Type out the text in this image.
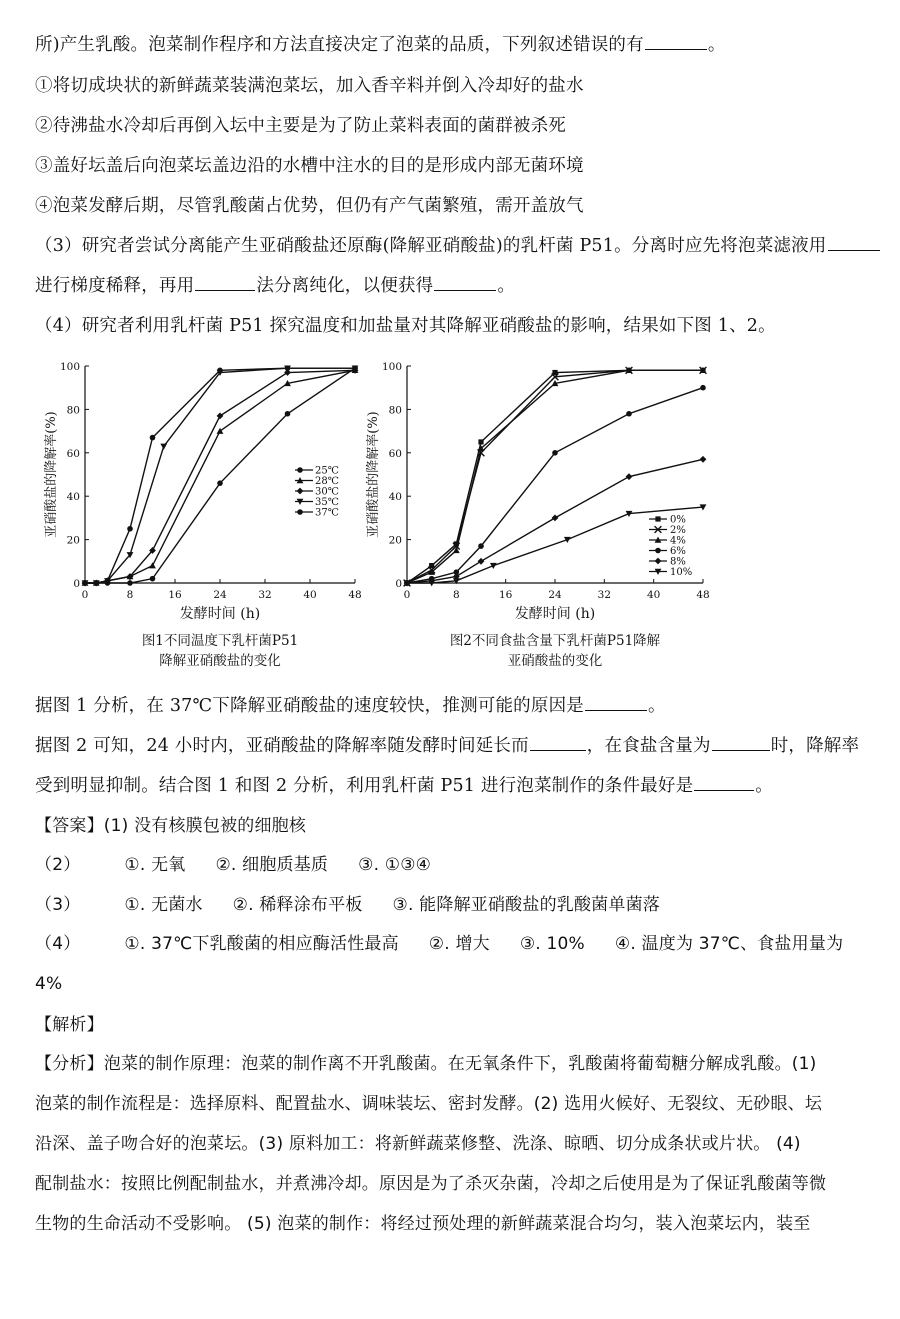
所)产生乳酸。泡菜制作程序和方法直接决定了泡菜的品质，下列叙述错误的有	。
①将切成块状的新鲜蔬菜装满泡菜坛，加入香辛料并倒入冷却好的盐水
②待沸盐水冷却后再倒入坛中主要是为了防止菜料表面的菌群被杀死
③盖好坛盖后向泡菜坛盖边沿的水槽中注水的目的是形成内部无菌环境
④泡菜发酵后期，尽管乳酸菌占优势，但仍有产气菌繁殖，需开盖放气
（3）研究者尝试分离能产生亚硝酸盐还原酶(降解亚硝酸盐)的乳杆菌 P51。分离时应先将泡菜滤液用
进行梯度稀释，再用	法分离纯化，以便获得	。
（4）研究者利用乳杆菌 P51 探究温度和加盐量对其降解亚硝酸盐的影响，结果如下图 1、2。
据图 1 分析，在 37℃下降解亚硝酸盐的速度较快，推测可能的原因是	。
据图 2 可知，24 小时内，亚硝酸盐的降解率随发酵时间延长而	，在食盐含量为	时，降解率
受到明显抑制。结合图 1 和图 2 分析，利用乳杆菌 P51 进行泡菜制作的条件最好是	。
【答案】(1) 没有核膜包被的细胞核
（2）	①. 无氧 ②. 细胞质基质 ③. ①③④
（3）	①. 无菌水 ②. 稀释涂布平板 ③. 能降解亚硝酸盐的乳酸菌单菌落
（4）	①. 37℃下乳酸菌的相应酶活性最高 ②. 增大 ③. 10% ④. 温度为 37℃、食盐用量为
4%
【解析】
【分析】泡菜的制作原理：泡菜的制作离不开乳酸菌。在无氧条件下，乳酸菌将葡萄糖分解成乳酸。(1)
泡菜的制作流程是：选择原料、配置盐水、调味装坛、密封发酵。(2) 选用火候好、无裂纹、无砂眼、坛
沿深、盖子吻合好的泡菜坛。(3) 原料加工：将新鲜蔬菜修整、洗涤、晾晒、切分成条状或片状。 (4)
配制盐水：按照比例配制盐水，并煮沸冷却。原因是为了杀灭杂菌，冷却之后使用是为了保证乳酸菌等微
生物的生命活动不受影响。 (5) 泡菜的制作：将经过预处理的新鲜蔬菜混合均匀，装入泡菜坛内，装至
0
20
40
60
80
100
0	8	16	24	32	40	48
亚硝酸盐的降解率(%)
发酵时间 (h)
图1不同温度下乳杆菌P51
降解亚硝酸盐的变化
25℃
28℃
30℃
35℃
37℃
0
20
40
60
80
100
0	8	16	24	32	40	48
亚硝酸盐的降解率(%)
发酵时间 (h)
图2不同食盐含量下乳杆菌P51降解
亚硝酸盐的变化
0%
2%
4%
6%
8%
10%
